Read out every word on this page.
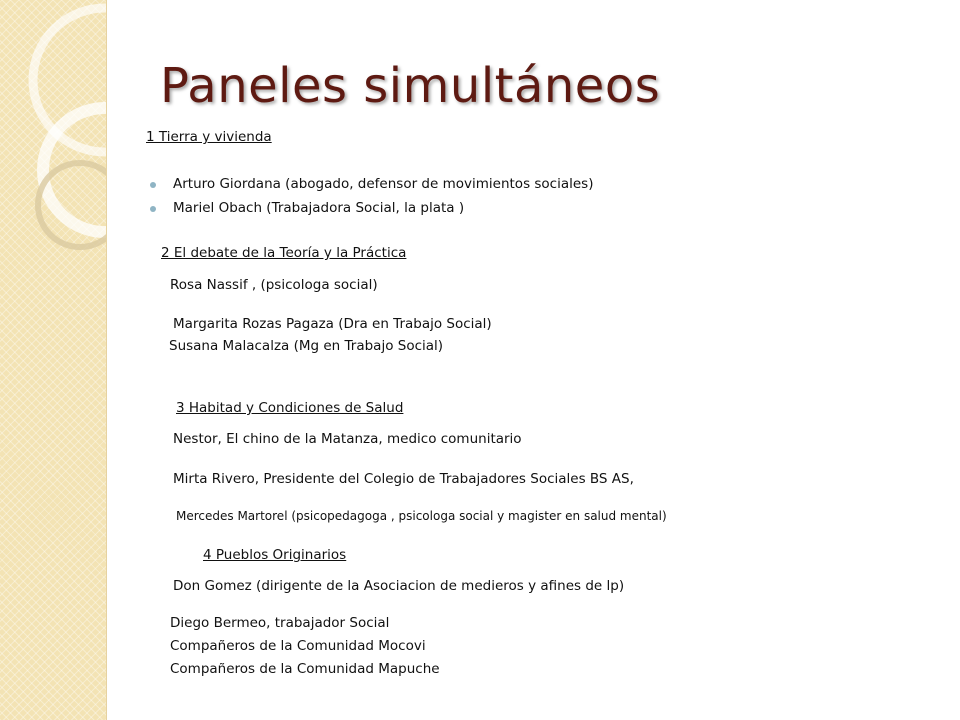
Paneles simultáneos

1 Tierra y vivienda

Arturo Giordana (abogado, defensor de movimientos sociales)

Mariel Obach (Trabajadora Social, la plata )

2 El debate de la Teoría y la Práctica

Rosa Nassif , (psicologa social)

Margarita Rozas Pagaza (Dra en Trabajo Social)

Susana Malacalza (Mg en Trabajo Social)

3 Habitad y Condiciones de Salud

Nestor, El chino de la Matanza, medico comunitario

Mirta Rivero, Presidente del Colegio de Trabajadores Sociales BS AS,

Mercedes Martorel (psicopedagoga , psicologa social y magister en salud mental)

4 Pueblos Originarios

Don Gomez (dirigente de la Asociacion de medieros y afines de lp)

Diego Bermeo, trabajador Social

Compañeros de la Comunidad Mocovi

Compañeros de la Comunidad Mapuche
